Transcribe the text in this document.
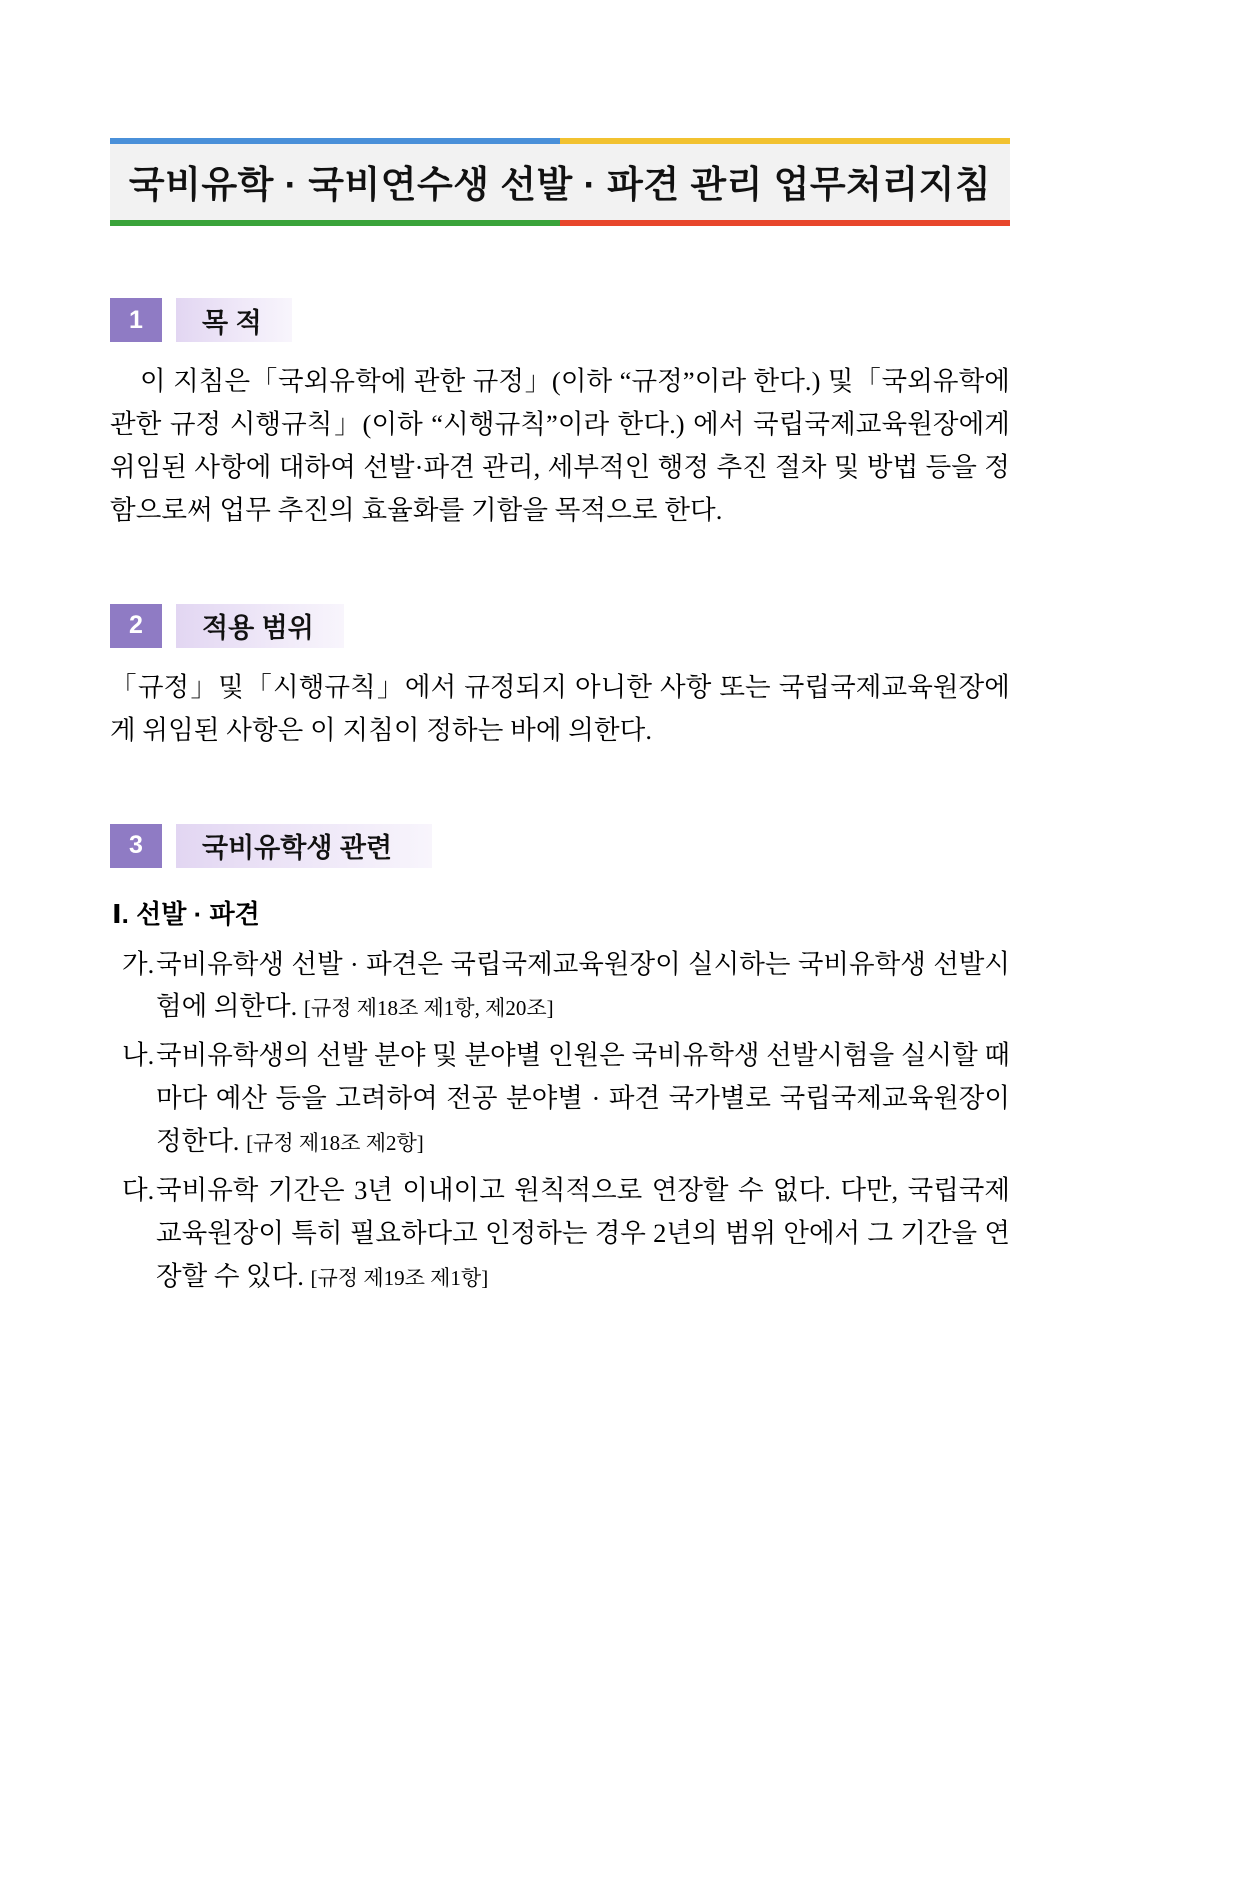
국비유학 · 국비연수생 선발 · 파견 관리 업무처리지침
1	목 적

이 지침은「국외유학에 관한 규정」(이하 “규정”이라 한다.) 및「국외유학에 관한 규정 시행규칙」(이하 “시행규칙”이라 한다.) 에서 국립국제교육원장에게 위임된 사항에 대하여 선발·파견 관리, 세부적인 행정 추진 절차 및 방법 등을 정함으로써 업무 추진의 효율화를 기함을 목적으로 한다.

2	적용 범위

「규정」및「시행규칙」에서 규정되지 아니한 사항 또는 국립국제교육원장에게 위임된 사항은 이 지침이 정하는 바에 의한다.

3	국비유학생 관련
Ⅰ. 선발 · 파견
가. 국비유학생 선발 · 파견은 국립국제교육원장이 실시하는 국비유학생 선발시험에 의한다. [규정 제18조 제1항, 제20조]
나. 국비유학생의 선발 분야 및 분야별 인원은 국비유학생 선발시험을 실시할 때마다 예산 등을 고려하여 전공 분야별 · 파견 국가별로 국립국제교육원장이 정한다. [규정 제18조 제2항]
다. 국비유학 기간은 3년 이내이고 원칙적으로 연장할 수 없다. 다만, 국립국제교육원장이 특히 필요하다고 인정하는 경우 2년의 범위 안에서 그 기간을 연장할 수 있다. [규정 제19조 제1항]
